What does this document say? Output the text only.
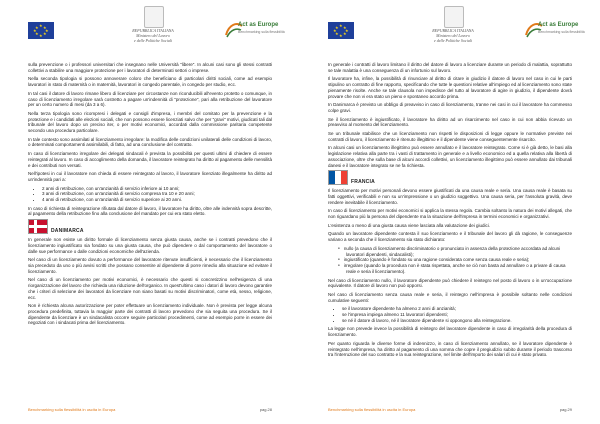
★
★ ★
★ ★
★ ★
★
REPUBBLICA ITALIANA
Ministero del Lavoro
e delle Politiche Sociali
Act as Europe
Benchmarking sulla flessibilità

sulla prevenzione o i professori universitari che insegnano nelle Università "libere". In alcuni casi sono gli stessi contratti collettivi a stabilire una maggiore protezione per i lavoratori di determinati settori o imprese.

Nella seconda tipologia si possono annoverare coloro che beneficiano di particolari diritti sociali, come ad esempio lavoratori in stato di maternità o in maternità, lavoratori in congedo parentale, in congedo per studio, ecc.

In tal casi il datore di lavoro rimane libero di licenziare per circostanze non riconducibili all'evento protetto o comunque, in caso di licenziamento irregolare sarà costretto a pagare un'indennità di "protezione", pari alla retribuzione del lavoratore per un certo numero di mesi (da 3 a 6).

Nella terza tipologia sono ricompresi i delegati e consigli d'impresa, i membri del comitato per la prevenzione e la protezione e i candidati alle elezioni sociali, che non possono essere licenziati salvo che per "gravi" motivi, giudicati tali dal tribunale del lavoro dopo un preciso iter, o per motivi economici, accordati dalla commissione paritaria competente secondo una procedura particolare.

In tale contesto sono assimilati al licenziamento irregolare: la modifica delle condizioni unilaterali delle condizioni di lavoro, o determinati comportamenti assimilabili, di fatto, ad una conclusione del contratto.

In caso di licenziamento irregolare dei delegati sindacali è prevista la possibilità per questi ultimi di chiedere di essere reintegrati al lavoro. In caso di accoglimento della domanda, il lavoratore reintegrato ha diritto al pagamento delle mensilità e dei contributi non versati.

Nell'ipotesi in cui il lavoratore non chieda di essere reintegrato al lavoro, il lavoratore licenziato illegalmente ha diritto ad un'indennità pari a:

• 2 anni di retribuzione, con un'anzianità di servizio inferiore ai 10 anni;
• 3 anni di retribuzione, con un'anzianità di servizio compresa tra 10 e 20 anni;
• 4 anni di retribuzione, con un'anzianità di servizio superiore ai 20 anni.

In caso di richiesta di reintegrazione rifiutata dal datore di lavoro, il lavoratore ha diritto, oltre alle indennità sopra descritte, al pagamento della retribuzione fino alla conclusione del mandato per cui era stato eletto.

DANIMARCA

In generale non esiste un diritto formale di licenziamento senza giusta causa, anche se i contratti prevedono che il licenziamento ingiustificato sia fondato su una giusta causa, che può dipendere o dal comportamento del lavoratore o dalle sue performance o dalle condizioni economiche dell'azienda.

Nel caso di un licenziamento dovuto a performance del lavoratore ritenute insufficienti, è necessario che il licenziamento sia preceduto da uno o più avvisi scritti che possano consentire al dipendente di porre rimedio alla situazione ed evitare il licenziamento.

Nel caso di un licenziamento per motivi economici, è necessario che questi si concretizzino nell'esigenza di una riorganizzazione del lavoro che richieda una riduzione dell'organico. In quest'ultimo caso i datori di lavoro devono garantire che i criteri di selezione dei lavoratori da licenziare non siano basati su motivi discriminatori, come età, sesso, religione, ecc.

Non è richiesta alcuna autorizzazione per poter effettuare un licenziamento individuale. Non è prevista per legge alcuna procedura predefinita, tuttavia la maggior parte dei contratti di lavoro prevedono che sia seguita una procedura. Se il dipendente da licenziare è un sindacalista occorre seguire particolari procedimenti, come ad esempio porre in essere dei negoziati con i sindacati prima del licenziamento.

Benchmarking sulla flessibilità in uscita in Europa	pag.28
★
★ ★
★ ★
★ ★
★
REPUBBLICA ITALIANA
Ministero del Lavoro
e delle Politiche Sociali
Act as Europe
Benchmarking sulla flessibilità

In generale i contratti di lavoro limitano il diritto del datore di lavoro a licenziare durante un periodo di malattia, soprattutto se tale malattia è una conseguenza di un infortunio sul lavoro.

Il lavoratore ha, infine, la possibilità di rinunciare al diritto di citare in giudizio il datore di lavoro nel caso in cui le parti stipulino un contratto di fine rapporto, specificando che tutte le questioni relative all'impiego ed al licenziamento sono state pienamente risolte. Anche se tale clausola non impedisce del tutto al lavoratore di agire in giudizio, il dipendente dovrà provare che non vi era stato un pieno e spontaneo accordo prima.

In Danimarca è previsto un obbligo di preavviso in caso di licenziamento, tranne nei casi in cui il lavoratore ha commesso colpe gravi.

Se il licenziamento è ingiustificato, il lavoratore ha diritto ad un risarcimento nel caso in cui non abbia ricevuto un preavviso al momento del licenziamento.

Se un tribunale stabilisce che un licenziamento non rispetti le disposizioni di legge oppure le normative previste nei contratti di lavoro, il licenziamento è ritenuto illegittimo e il dipendente viene conseguentemente risarcito.

In alcuni casi un licenziamento illegittimo può essere annullato e il lavoratore reintegrato. Come si è già detto, le basi alla legislazione relativa alla parte tra i vasti di trattamento in generale e a livello economico ed a quella relativa alla libertà di associazione, oltre che sulla base di alcuni accordi collettivi, un licenziamento illegittimo può essere annullato dai tribunali danesi e il lavoratore integrato se ne fa richiesta.

FRANCIA

Il licenziamento per motivi personali devono essere giustificati da una causa reale e seria. Una causa reale è basata su fatti oggettivi, verificabili e non su un'impressione o un giudizio soggettivo. Una causa seria, per l'assoluta gravità, deve rendere inevitabile il licenziamento.

In caso di licenziamento per motivi economici si applica la stessa regola. Cambia soltanto la natura dei motivi allegati, che non riguardano più la persona del dipendente ma la situazione dell'impresa in termini economici e organizzativi.

L'esistenza o meno di una giusta causa viene lasciata alla valutazione dei giudici.

Quando un lavoratore dipendente contesta il suo licenziamento e il tribunale del lavoro gli dà ragione, le conseguenze variano a seconda che il licenziamento sia stato dichiarato:

● nullo (a causa di licenziamento discriminatorio o pronunciato in assenza della protezione accordata ad alcuni lavoratori dipendenti, sindacalisti);
● ingiustificato (quando è fondato su una ragione considerata come senza causa reale e seria);
● irregolare (quando la procedura non è stata rispettata, anche se ciò non basta ad annullare o a privare di causa reale e seria il licenziamento).

Nel caso di licenziamento nullo, il lavoratore dipendente può chiedere il reintegro nel posto di lavoro o in un'occupazione equivalente. Il datore di lavoro non può opporsi.

Nel caso di licenziamento senza causa reale e seria, il reintegro nell'impresa è possibile soltanto nelle condizioni cumulative seguenti:

• se il lavoratore dipendente ha almeno 2 anni di anzianità;
• se l'impresa impiega almeno 11 lavoratori dipendenti;
• se né il datore di lavoro, né il lavoratore dipendente si oppongono alla reintegrazione.

La legge non prevede invece la possibilità di reintegro del lavoratore dipendente in caso di irregolarità della procedura di licenziamento.

Per quanto riguarda le diverse forme di indennizzo, in caso di licenziamento annullato, se il lavoratore dipendente è reintegrato nell'impresa, ha diritto al pagamento di una somma che copre il pregiudizio subito durante il periodo trascorso tra l'interruzione del suo contratto e la sua reintegrazione, nel limite dell'importo dei salari di cui è stato privato.

Benchmarking sulla flessibilità in uscita in Europa	pag.29
